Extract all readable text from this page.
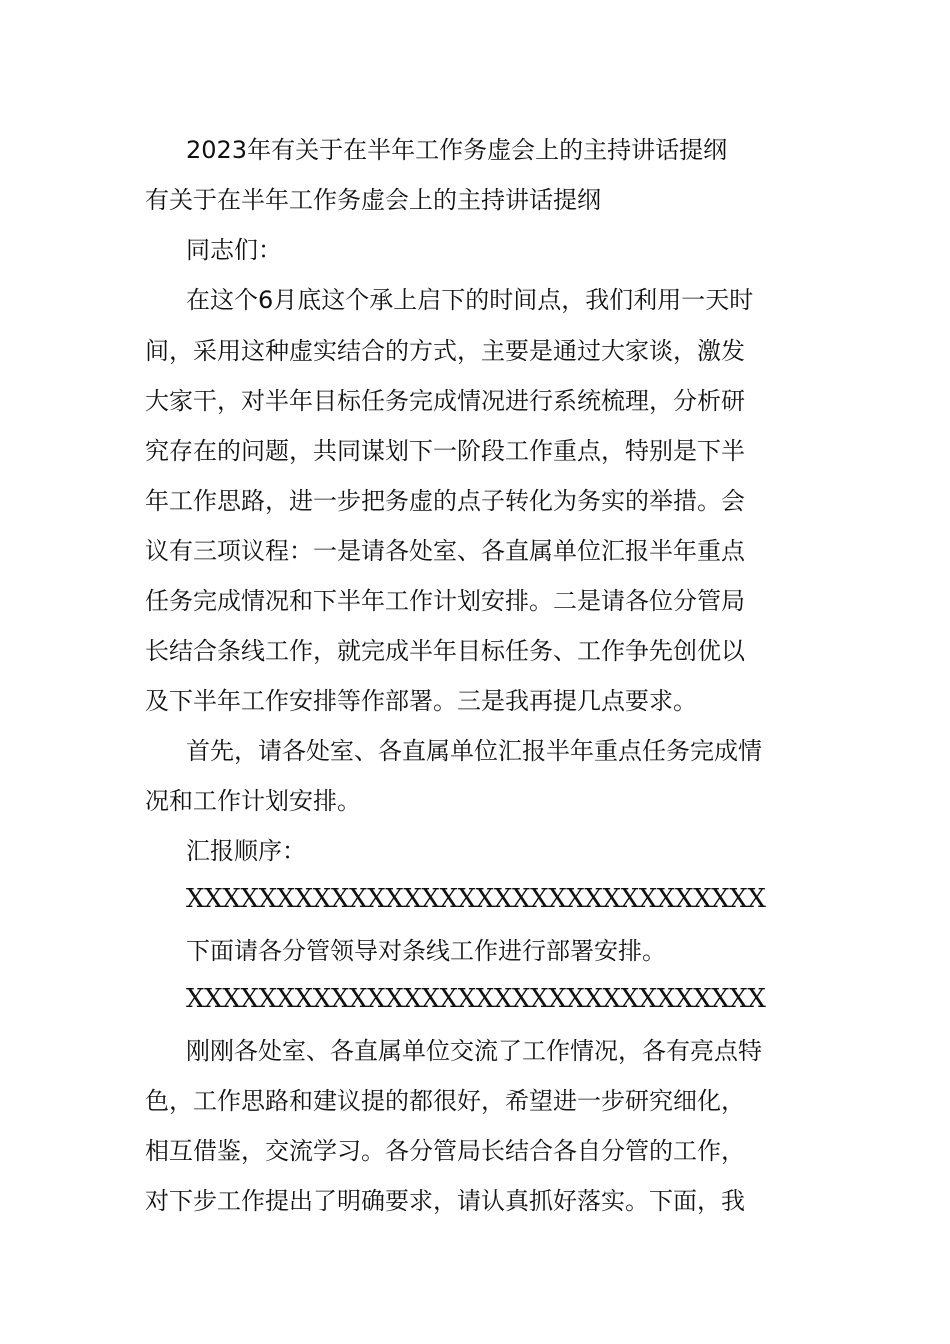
2023年有关于在半年工作务虚会上的主持讲话提纲
有关于在半年工作务虚会上的主持讲话提纲
同志们：
在这个6月底这个承上启下的时间点，我们利用一天时
间，采用这种虚实结合的方式，主要是通过大家谈，激发
大家干，对半年目标任务完成情况进行系统梳理，分析研
究存在的问题，共同谋划下一阶段工作重点，特别是下半
年工作思路，进一步把务虚的点子转化为务实的举措。会
议有三项议程：一是请各处室、各直属单位汇报半年重点
任务完成情况和下半年工作计划安排。二是请各位分管局
长结合条线工作，就完成半年目标任务、工作争先创优以
及下半年工作安排等作部署。三是我再提几点要求。
首先，请各处室、各直属单位汇报半年重点任务完成情
况和工作计划安排。
汇报顺序：
XXXXXXXXXXXXXXXXXXXXXXXXXXXXXXXX
下面请各分管领导对条线工作进行部署安排。
XXXXXXXXXXXXXXXXXXXXXXXXXXXXXXXX
刚刚各处室、各直属单位交流了工作情况，各有亮点特
色，工作思路和建议提的都很好，希望进一步研究细化，
相互借鉴，交流学习。各分管局长结合各自分管的工作，
对下步工作提出了明确要求，请认真抓好落实。下面，我
